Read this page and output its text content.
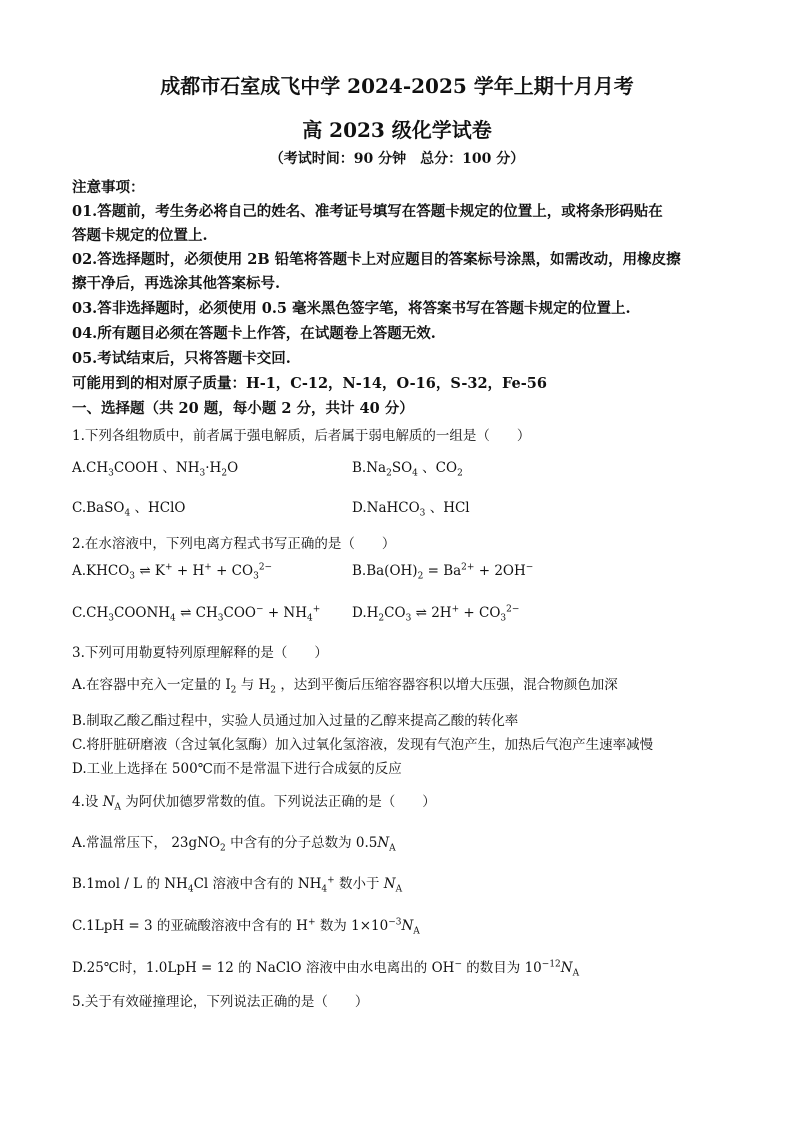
成都市石室成飞中学 2024-2025 学年上期十月月考
高 2023 级化学试卷
（考试时间：90 分钟　总分：100 分）
注意事项：
01.答题前，考生务必将自己的姓名、准考证号填写在答题卡规定的位置上，或将条形码贴在
答题卡规定的位置上.
02.答选择题时，必须使用 2B 铅笔将答题卡上对应题目的答案标号涂黑，如需改动，用橡皮擦
擦干净后，再选涂其他答案标号.
03.答非选择题时，必须使用 0.5 毫米黑色签字笔，将答案书写在答题卡规定的位置上.
04.所有题目必须在答题卡上作答，在试题卷上答题无效.
05.考试结束后，只将答题卡交回.
可能用到的相对原子质量：H-1，C-12，N-14，O-16，S-32，Fe-56
一、选择题（共 20 题，每小题 2 分，共计 40 分）
1.下列各组物质中，前者属于强电解质，后者属于弱电解质的一组是（　　）
$A.CH_3COOH$ 、$NH_3\cdot H_2O$	$B.Na_2SO_4$ 、$CO_2$
C.BaSO$_4$ 、HClO	D.NaHCO$_3$ 、HCl
2.在水溶液中，下列电离方程式书写正确的是（　　）
$A.KHCO_3$ ⇌ $K^+ + H^+ + CO_3^{2-}$	$B.Ba(OH)_2 = Ba^{2+} + 2OH^-$
$C.CH_3COONH_4$ ⇌ $CH_3COO^- + NH_4^+$ $D.H_2CO_3$ ⇌ $2H^+ + CO_3^{2-}$
3.下列可用勒夏特列原理解释的是（　　）
A.在容器中充入一定量的 $I_2$ 与 $H_2$ ，达到平衡后压缩容器容积以增大压强，混合物颜色加深
B.制取乙酸乙酯过程中，实验人员通过加入过量的乙醇来提高乙酸的转化率
C.将肝脏研磨液（含过氧化氢酶）加入过氧化氢溶液，发现有气泡产生，加热后气泡产生速率减慢
D.工业上选择在 500℃而不是常温下进行合成氨的反应
4.设 $N_A$ 为阿伏加德罗常数的值。下列说法正确的是（　　）
A.常温常压下， 23gNO$_2$ 中含有的分子总数为 $0.5N_A$
B.1mol / L 的 $NH_4Cl$ 溶液中含有的 $NH_4^+$ 数小于 $N_A$
C.1LpH = 3 的亚硫酸溶液中含有的 H+ 数为 $1\times 10^{-3}N_A$
D.25℃时，1.0LpH = 12 的 NaClO 溶液中由水电离出的 OH− 的数目为 $10^{-12}N_A$
5.关于有效碰撞理论，下列说法正确的是（　　）
